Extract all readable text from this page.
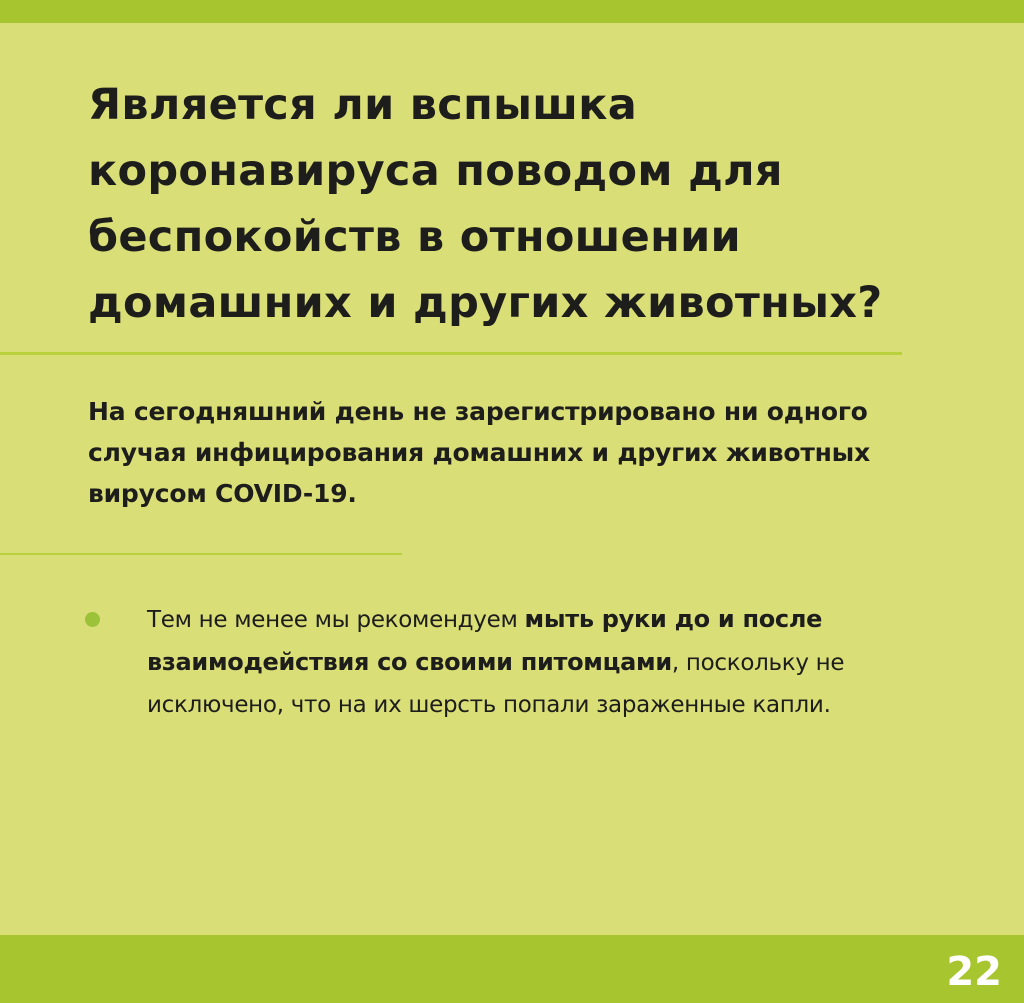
Является ли вспышка коронавируса поводом для беспокойств в отношении домашних и других животных?

На сегодняшний день не зарегистрировано ни одного случая инфицирования домашних и других животных вирусом COVID-19.

Тем не менее мы рекомендуем мыть руки до и после взаимодействия со своими питомцами, поскольку не исключено, что на их шерсть попали зараженные капли.

22
